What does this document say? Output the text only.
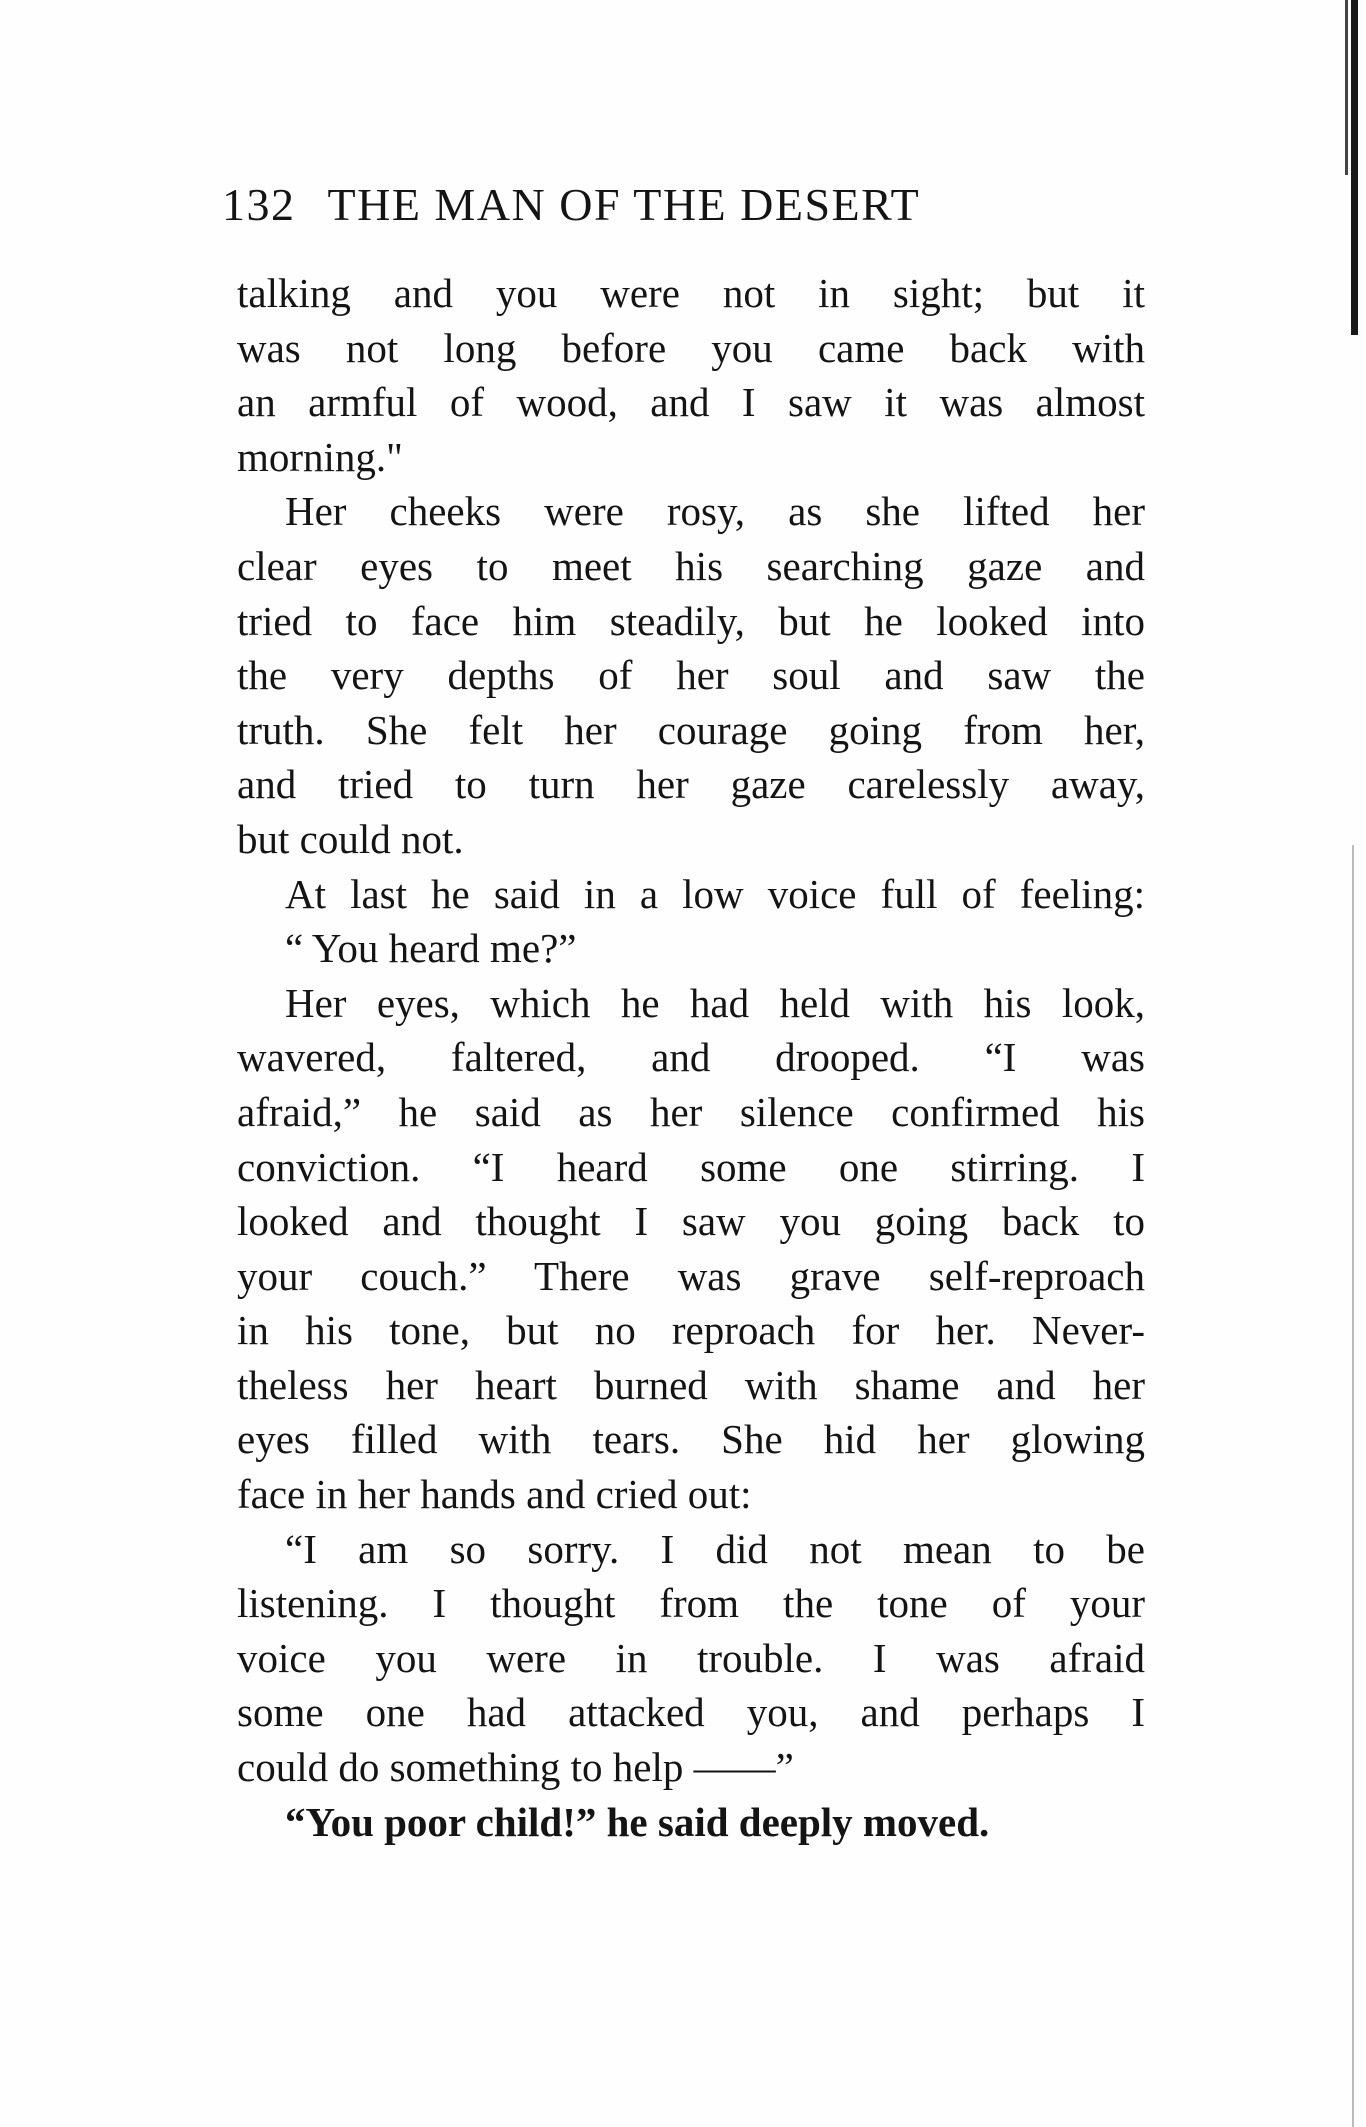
132 THE MAN OF THE DESERT
talking and you were not in sight; but it
was not long before you came back with
an armful of wood, and I saw it was almost
morning."
Her cheeks were rosy, as she lifted her
clear eyes to meet his searching gaze and
tried to face him steadily, but he looked into
the very depths of her soul and saw the
truth. She felt her courage going from her,
and tried to turn her gaze carelessly away,
but could not.
At last he said in a low voice full of feeling:
“ You heard me?”
Her eyes, which he had held with his look,
wavered, faltered, and drooped. “I was
afraid,” he said as her silence confirmed his
conviction. “I heard some one stirring. I
looked and thought I saw you going back to
your couch.” There was grave self-reproach
in his tone, but no reproach for her. Never-
theless her heart burned with shame and her
eyes filled with tears. She hid her glowing
face in her hands and cried out:
“I am so sorry. I did not mean to be
listening. I thought from the tone of your
voice you were in trouble. I was afraid
some one had attacked you, and perhaps I
could do something to help ——”
“You poor child!” he said deeply moved.
